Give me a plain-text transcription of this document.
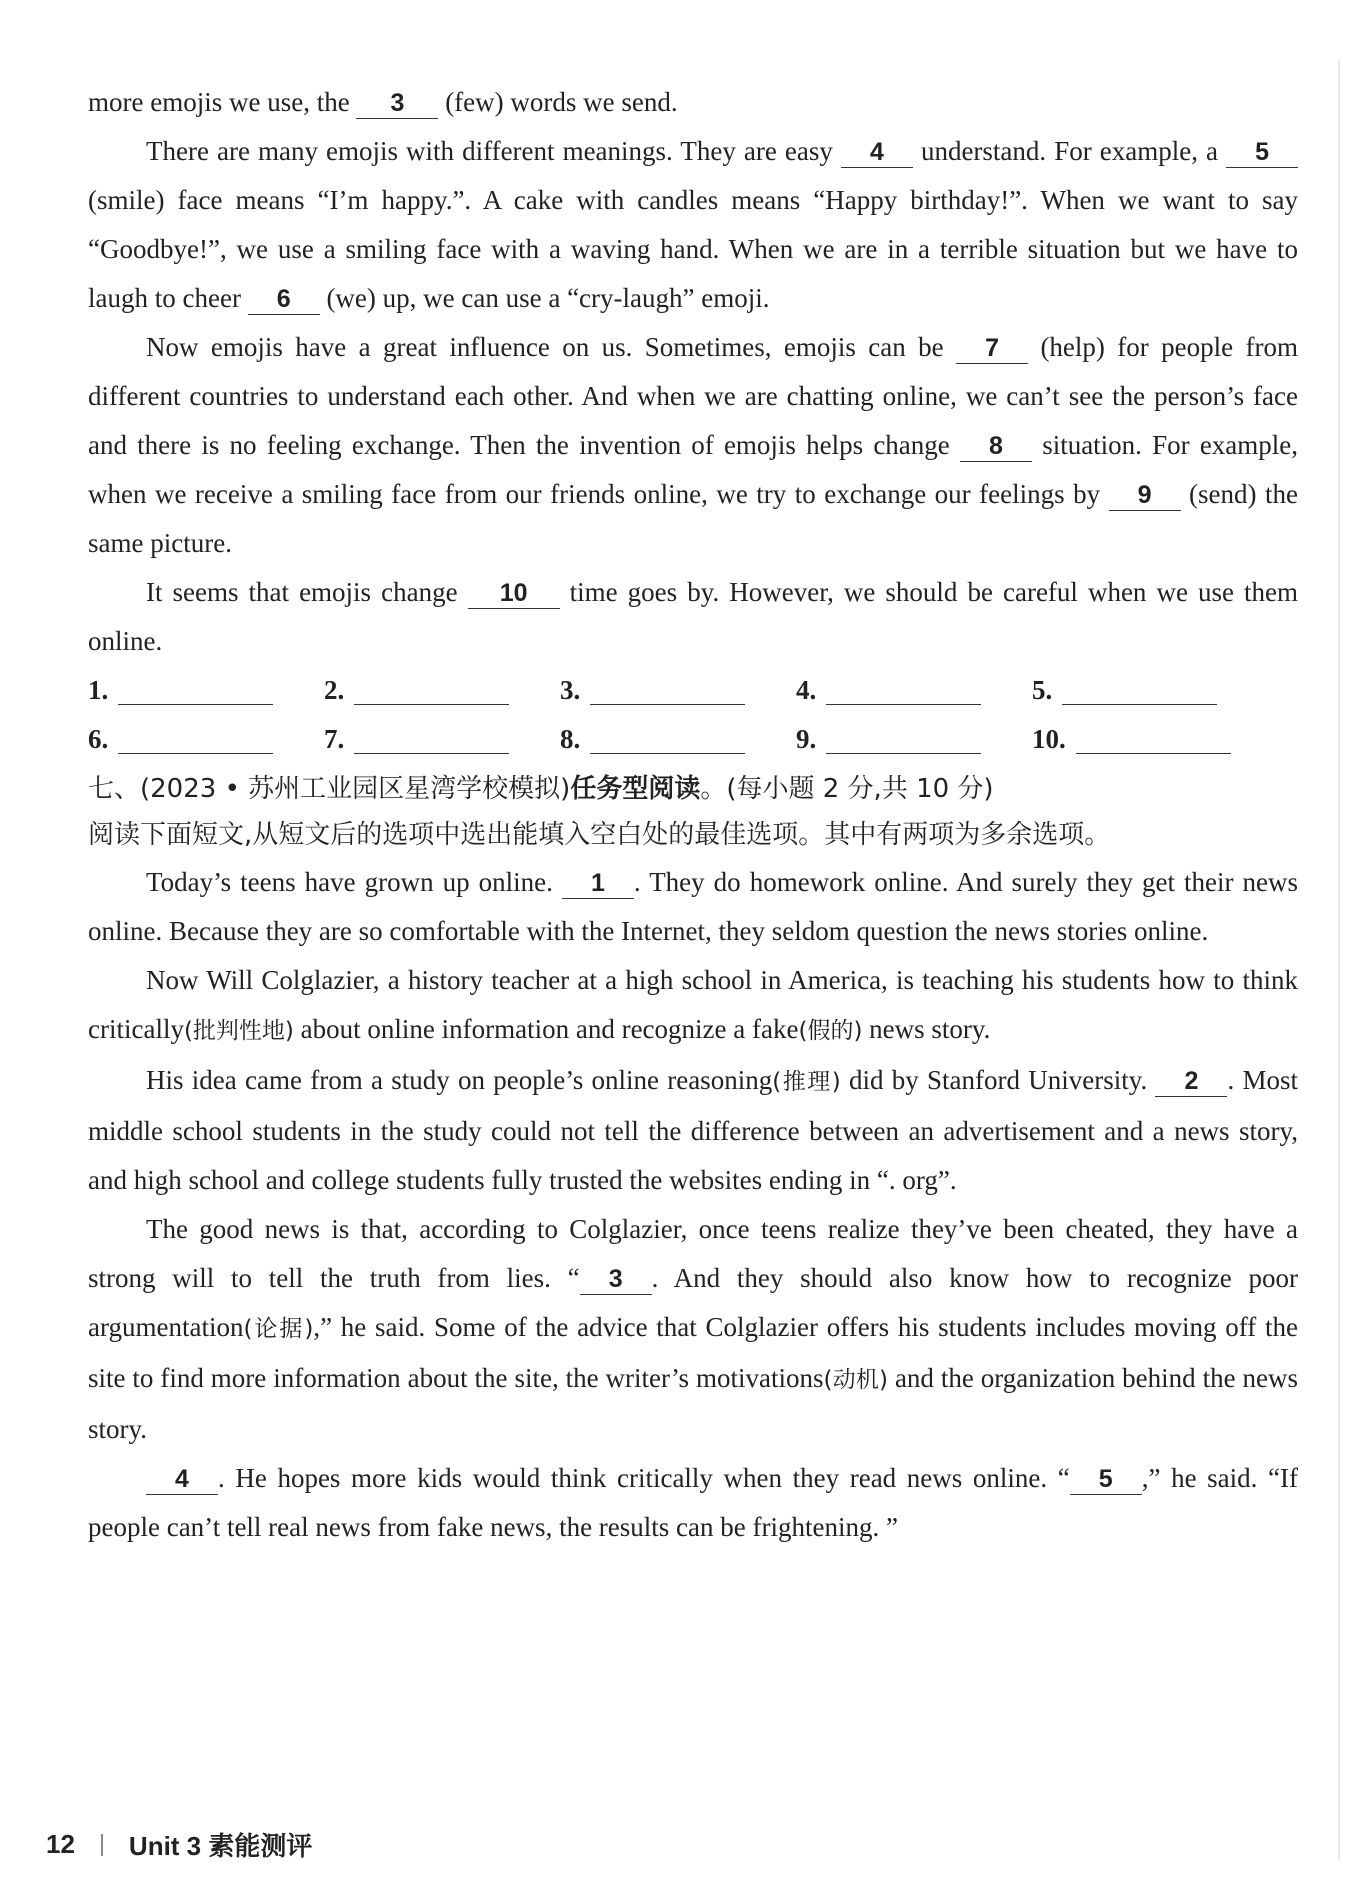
more emojis we use, the 3 (few) words we send.

There are many emojis with different meanings. They are easy 4 understand. For example, a 5 (smile) face means “I’m happy.”. A cake with candles means “Happy birthday!”. When we want to say “Goodbye!”, we use a smiling face with a waving hand. When we are in a terrible situation but we have to laugh to cheer 6 (we) up, we can use a “cry-laugh” emoji.

Now emojis have a great influence on us. Sometimes, emojis can be 7 (help) for people from different countries to understand each other. And when we are chatting online, we can’t see the person’s face and there is no feeling exchange. Then the invention of emojis helps change 8 situation. For example, when we receive a smiling face from our friends online, we try to exchange our feelings by 9 (send) the same picture.

It seems that emojis change 10 time goes by. However, we should be careful when we use them online.

1.	2.	3.	4.	5.
6.	7.	8.	9.	10.
七、(2023 • 苏州工业园区星湾学校模拟)任务型阅读。(每小题 2 分,共 10 分)
阅读下面短文,从短文后的选项中选出能填入空白处的最佳选项。其中有两项为多余选项。

Today’s teens have grown up online. 1 . They do homework online. And surely they get their news online. Because they are so comfortable with the Internet, they seldom question the news stories online.

Now Will Colglazier, a history teacher at a high school in America, is teaching his students how to think critically(批判性地) about online information and recognize a fake(假的) news story.

His idea came from a study on people’s online reasoning(推理) did by Stanford University. 2 . Most middle school students in the study could not tell the difference between an advertisement and a news story, and high school and college students fully trusted the websites ending in “. org”.

The good news is that, according to Colglazier, once teens realize they’ve been cheated, they have a strong will to tell the truth from lies. “ 3 . And they should also know how to recognize poor argumentation(论据),” he said. Some of the advice that Colglazier offers his students includes moving off the site to find more information about the site, the writer’s motivations(动机) and the organization behind the news story.

4 . He hopes more kids would think critically when they read news online. “ 5 ,” he said. “If people can’t tell real news from fake news, the results can be frightening. ”

12 Unit 3 素能测评
